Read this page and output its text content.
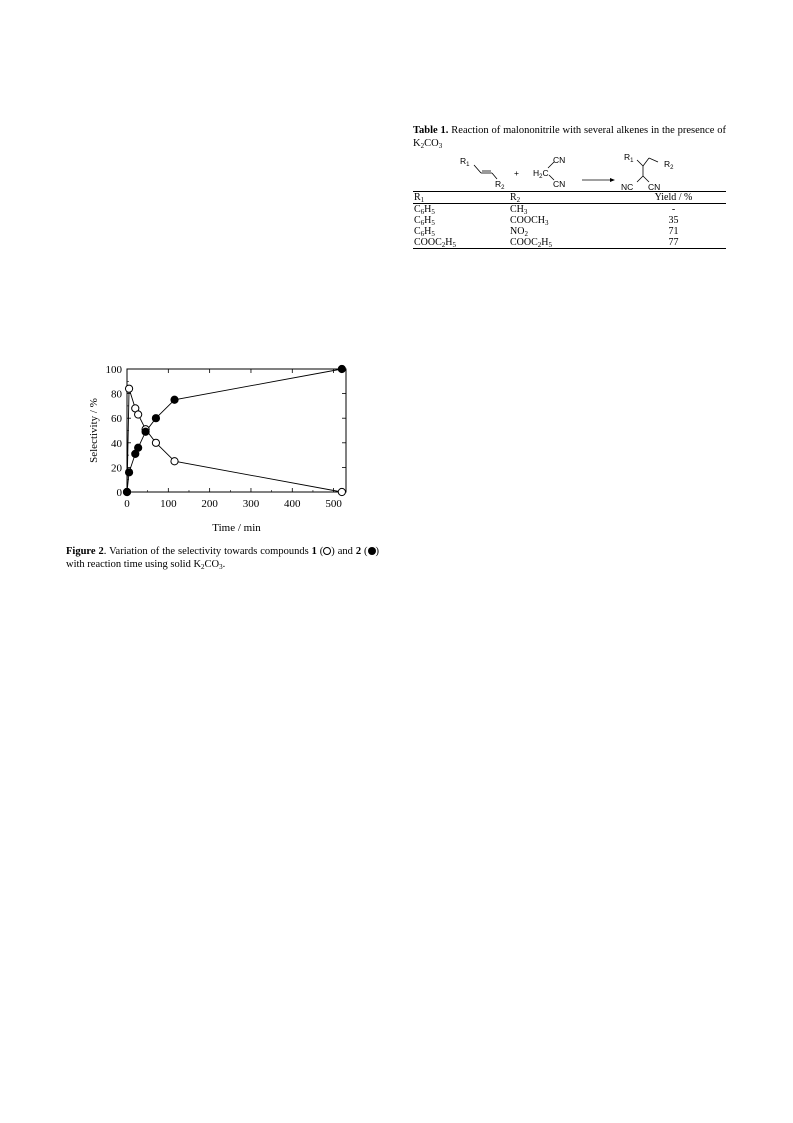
Table 1. Reaction of malononitrile with several alkenes in the presence of $K_2CO_3$
$R_1$
$R_2$
+
CN
$H_2C$
CN
$R_1$	$R_2$
NC CN
$R_1$	$R_2$	Yield / %
$C_6H_5$	$CH_3$	-
$C_6H_5$	$COOCH_3$	35
$C_6H_5$	$NO_2$	71
$COOC_2H_5$	$COOC_2H_5$	77
0
20
40
60
80
100
0	100 200 300 400 500
Time / min
Selectivity / %
Figure 2. Variation of the selectivity towards compounds 1 ( ) and 2 ( ) with reaction time using solid $K_2CO_3$.
